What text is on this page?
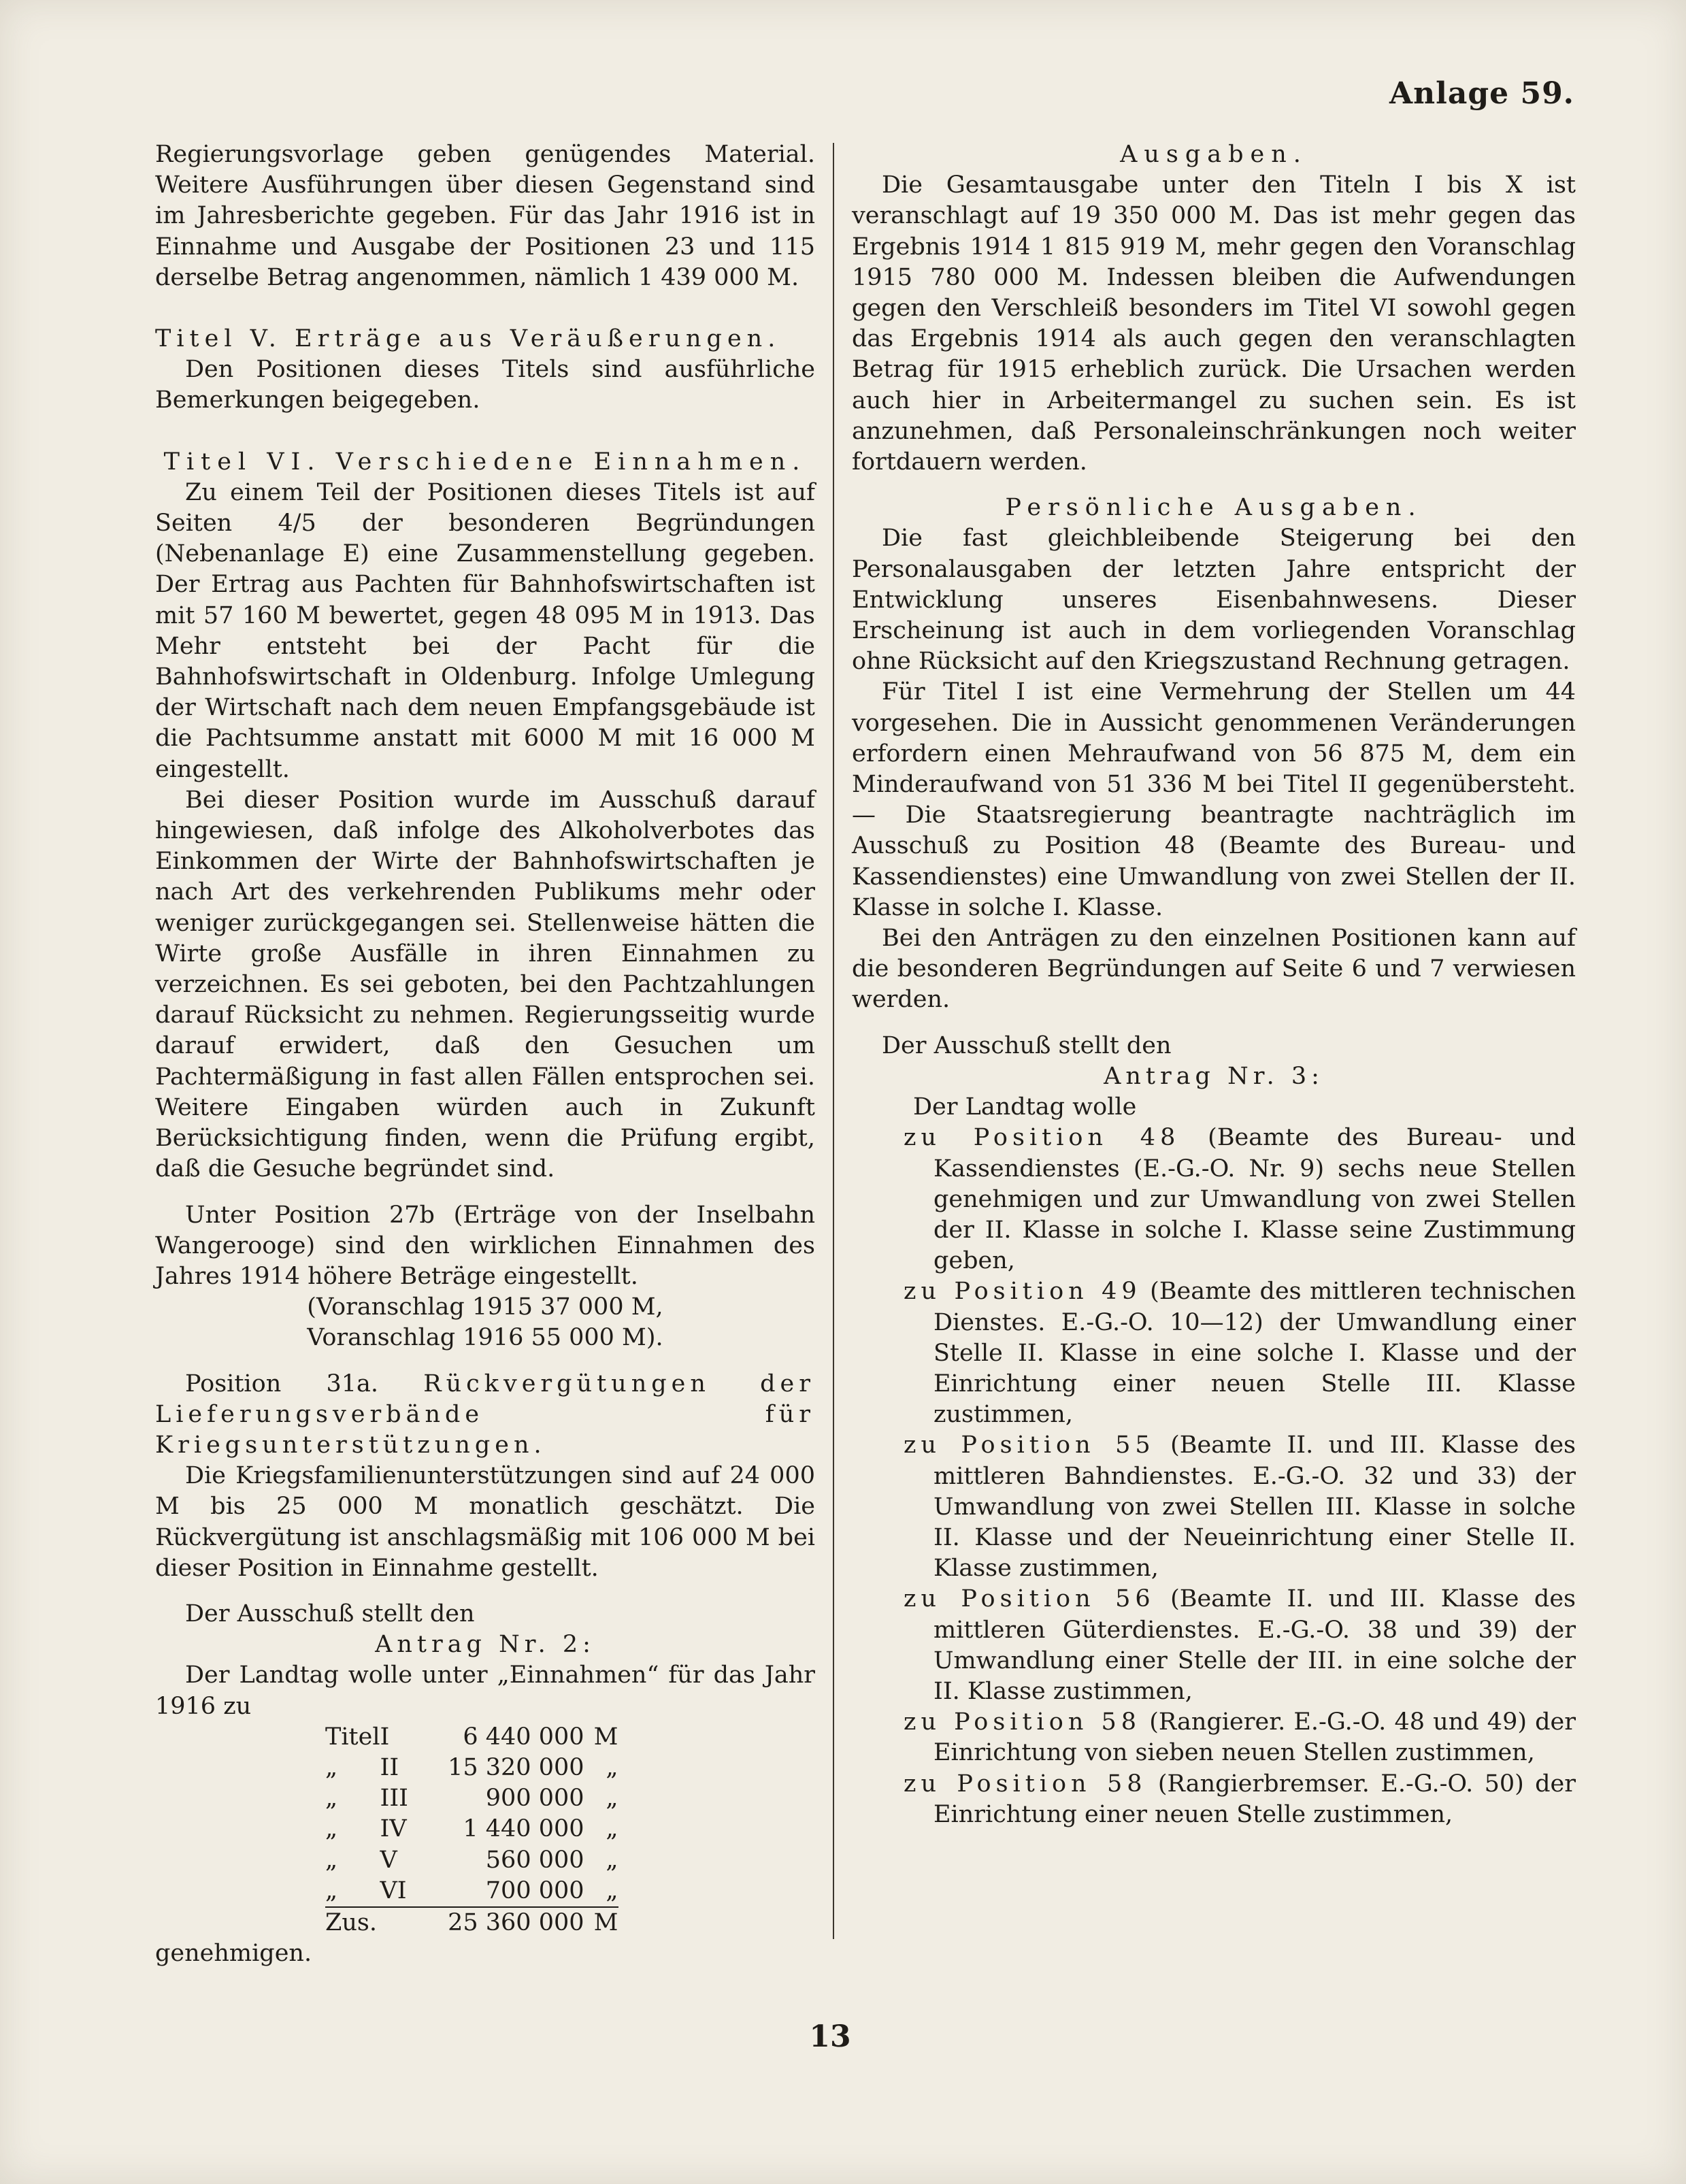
Anlage 59.

Regierungsvorlage geben genügendes Material. Weitere Ausführungen über diesen Gegenstand sind im Jahresberichte gegeben. Für das Jahr 1916 ist in Einnahme und Ausgabe der Positionen 23 und 115 derselbe Betrag angenommen, nämlich 1 439 000 M.

Titel V. Erträge aus Veräußerungen.

Den Positionen dieses Titels sind ausführliche Bemerkungen beigegeben.

Titel VI. Verschiedene Einnahmen.

Zu einem Teil der Positionen dieses Titels ist auf Seiten 4/5 der besonderen Begründungen (Nebenanlage E) eine Zusammenstellung gegeben. Der Ertrag aus Pachten für Bahnhofswirtschaften ist mit 57 160 M bewertet, gegen 48 095 M in 1913. Das Mehr entsteht bei der Pacht für die Bahnhofswirtschaft in Oldenburg. Infolge Umlegung der Wirtschaft nach dem neuen Empfangsgebäude ist die Pachtsumme anstatt mit 6000 M mit 16 000 M eingestellt.

Bei dieser Position wurde im Ausschuß darauf hingewiesen, daß infolge des Alkoholverbotes das Einkommen der Wirte der Bahnhofswirtschaften je nach Art des verkehrenden Publikums mehr oder weniger zurückgegangen sei. Stellenweise hätten die Wirte große Ausfälle in ihren Einnahmen zu verzeichnen. Es sei geboten, bei den Pachtzahlungen darauf Rücksicht zu nehmen. Regierungsseitig wurde darauf erwidert, daß den Gesuchen um Pachtermäßigung in fast allen Fällen entsprochen sei. Weitere Eingaben würden auch in Zukunft Berücksichtigung finden, wenn die Prüfung ergibt, daß die Gesuche begründet sind.

Unter Position 27b (Erträge von der Inselbahn Wangerooge) sind den wirklichen Einnahmen des Jahres 1914 höhere Beträge eingestellt.

(Voranschlag 1915 37 000 M,

Voranschlag 1916 55 000 M).

Position 31a. Rückvergütungen der Lieferungsverbände für Kriegsunterstützungen.

Die Kriegsfamilienunterstützungen sind auf 24 000 M bis 25 000 M monatlich geschätzt. Die Rückvergütung ist anschlagsmäßig mit 106 000 M bei dieser Position in Einnahme gestellt.

Der Ausschuß stellt den

Antrag Nr. 2:

Der Landtag wolle unter „Einnahmen“ für das Jahr 1916 zu

Titel	I	6 440 000	M
„	II	15 320 000	„
„	III	900 000	„
„	IV	1 440 000	„
„	V	560 000	„
„	VI	700 000	„
Zus.		25 360 000	M

genehmigen.

Ausgaben.

Die Gesamtausgabe unter den Titeln I bis X ist veranschlagt auf 19 350 000 M. Das ist mehr gegen das Ergebnis 1914 1 815 919 M, mehr gegen den Voranschlag 1915 780 000 M. Indessen bleiben die Aufwendungen gegen den Verschleiß besonders im Titel VI sowohl gegen das Ergebnis 1914 als auch gegen den veranschlagten Betrag für 1915 erheblich zurück. Die Ursachen werden auch hier in Arbeitermangel zu suchen sein. Es ist anzunehmen, daß Personaleinschränkungen noch weiter fortdauern werden.

Persönliche Ausgaben.

Die fast gleichbleibende Steigerung bei den Personalausgaben der letzten Jahre entspricht der Entwicklung unseres Eisenbahnwesens. Dieser Erscheinung ist auch in dem vorliegenden Voranschlag ohne Rücksicht auf den Kriegszustand Rechnung getragen.

Für Titel I ist eine Vermehrung der Stellen um 44 vorgesehen. Die in Aussicht genommenen Veränderungen erfordern einen Mehraufwand von 56 875 M, dem ein Minderaufwand von 51 336 M bei Titel II gegenübersteht. — Die Staatsregierung beantragte nachträglich im Ausschuß zu Position 48 (Beamte des Bureau- und Kassendienstes) eine Umwandlung von zwei Stellen der II. Klasse in solche I. Klasse.

Bei den Anträgen zu den einzelnen Positionen kann auf die besonderen Begründungen auf Seite 6 und 7 verwiesen werden.

Der Ausschuß stellt den

Antrag Nr. 3:

Der Landtag wolle

zu Position 48 (Beamte des Bureau- und Kassendienstes (E.-G.-O. Nr. 9) sechs neue Stellen genehmigen und zur Umwandlung von zwei Stellen der II. Klasse in solche I. Klasse seine Zustimmung geben,

zu Position 49 (Beamte des mittleren technischen Dienstes. E.-G.-O. 10—12) der Umwandlung einer Stelle II. Klasse in eine solche I. Klasse und der Einrichtung einer neuen Stelle III. Klasse zustimmen,

zu Position 55 (Beamte II. und III. Klasse des mittleren Bahndienstes. E.-G.-O. 32 und 33) der Umwandlung von zwei Stellen III. Klasse in solche II. Klasse und der Neueinrichtung einer Stelle II. Klasse zustimmen,

zu Position 56 (Beamte II. und III. Klasse des mittleren Güterdienstes. E.-G.-O. 38 und 39) der Umwandlung einer Stelle der III. in eine solche der II. Klasse zustimmen,

zu Position 58 (Rangierer. E.-G.-O. 48 und 49) der Einrichtung von sieben neuen Stellen zustimmen,

zu Position 58 (Rangierbremser. E.-G.-O. 50) der Einrichtung einer neuen Stelle zustimmen,

13
